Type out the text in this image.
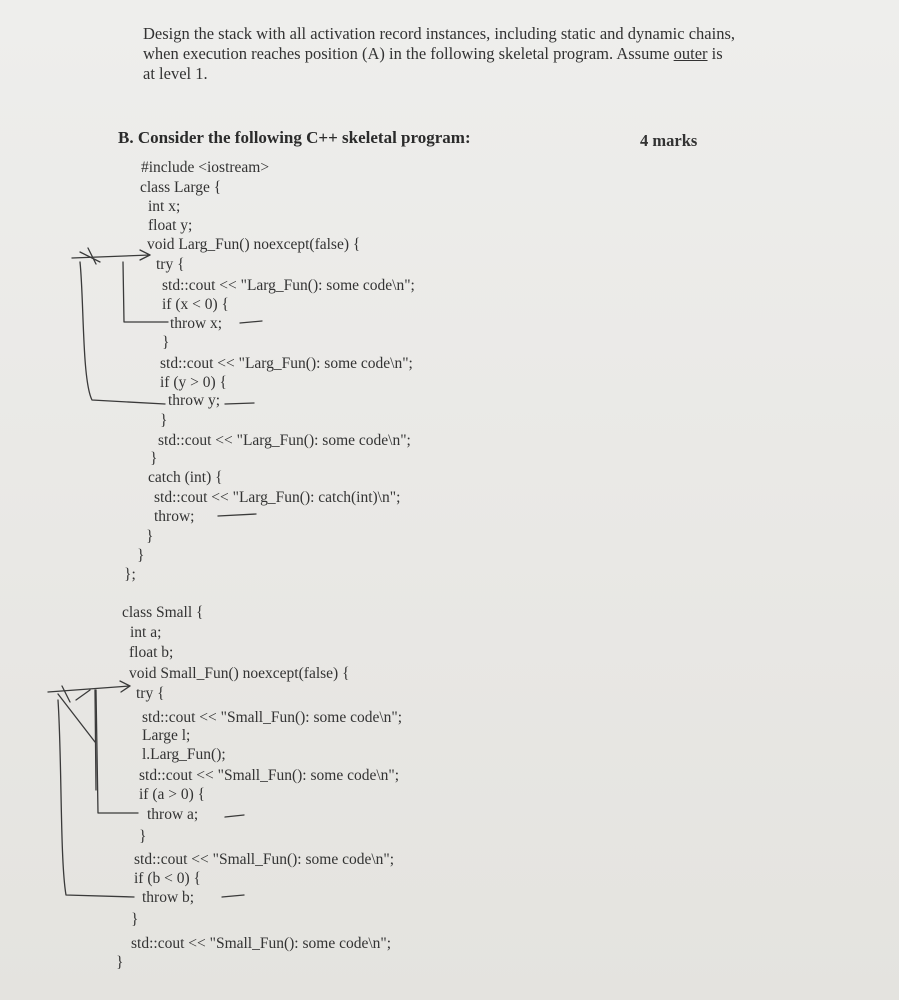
Design the stack with all activation record instances, including static and dynamic chains,

when execution reaches position (A) in the following skeletal program. Assume outer is

at level 1.

B. Consider the following C++ skeletal program:	4 marks
#include <iostream>
class Large {
int x;
float y;
void Larg_Fun() noexcept(false) {
try {
std::cout << "Larg_Fun(): some code\n";
if (x < 0) {
throw x;
}
std::cout << "Larg_Fun(): some code\n";
if (y > 0) {
throw y;
}
std::cout << "Larg_Fun(): some code\n";
}
catch (int) {
std::cout << "Larg_Fun(): catch(int)\n";
throw;
}
}
};
class Small {
int a;
float b;
void Small_Fun() noexcept(false) {
try {
std::cout << "Small_Fun(): some code\n";
Large l;
l.Larg_Fun();
std::cout << "Small_Fun(): some code\n";
if (a > 0) {
throw a;
}
std::cout << "Small_Fun(): some code\n";
if (b < 0) {
throw b;
}
std::cout << "Small_Fun(): some code\n";
}
